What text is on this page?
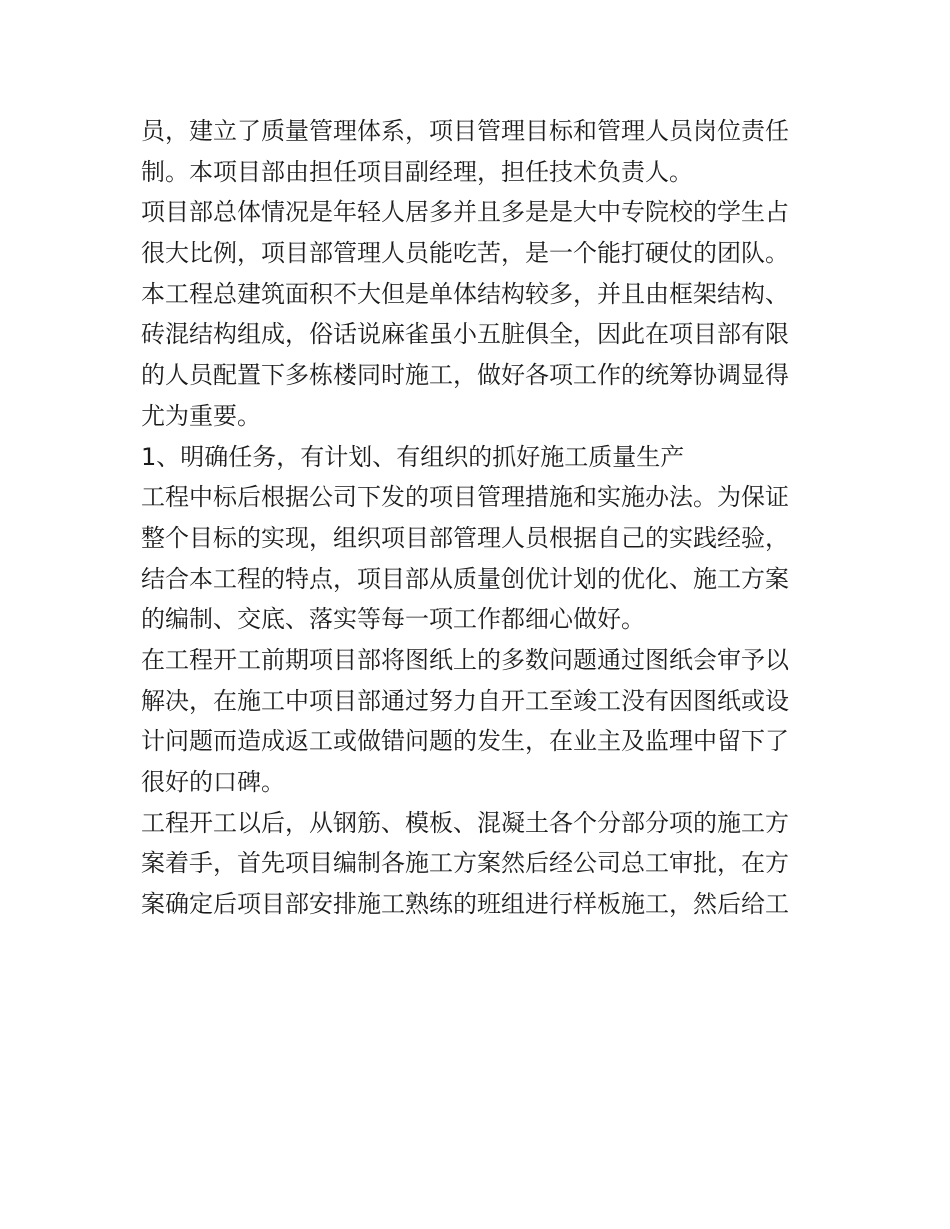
员，建立了质量管理体系，项目管理目标和管理人员岗位责任
制。本项目部由担任项目副经理，担任技术负责人。
项目部总体情况是年轻人居多并且多是是大中专院校的学生占
很大比例，项目部管理人员能吃苦，是一个能打硬仗的团队。
本工程总建筑面积不大但是单体结构较多，并且由框架结构、
砖混结构组成，俗话说麻雀虽小五脏俱全，因此在项目部有限
的人员配置下多栋楼同时施工，做好各项工作的统筹协调显得
尤为重要。
1、明确任务，有计划、有组织的抓好施工质量生产
工程中标后根据公司下发的项目管理措施和实施办法。为保证
整个目标的实现，组织项目部管理人员根据自己的实践经验，
结合本工程的特点，项目部从质量创优计划的优化、施工方案
的编制、交底、落实等每一项工作都细心做好。
在工程开工前期项目部将图纸上的多数问题通过图纸会审予以
解决，在施工中项目部通过努力自开工至竣工没有因图纸或设
计问题而造成返工或做错问题的发生，在业主及监理中留下了
很好的口碑。
工程开工以后，从钢筋、模板、混凝土各个分部分项的施工方
案着手，首先项目编制各施工方案然后经公司总工审批，在方
案确定后项目部安排施工熟练的班组进行样板施工，然后给工
